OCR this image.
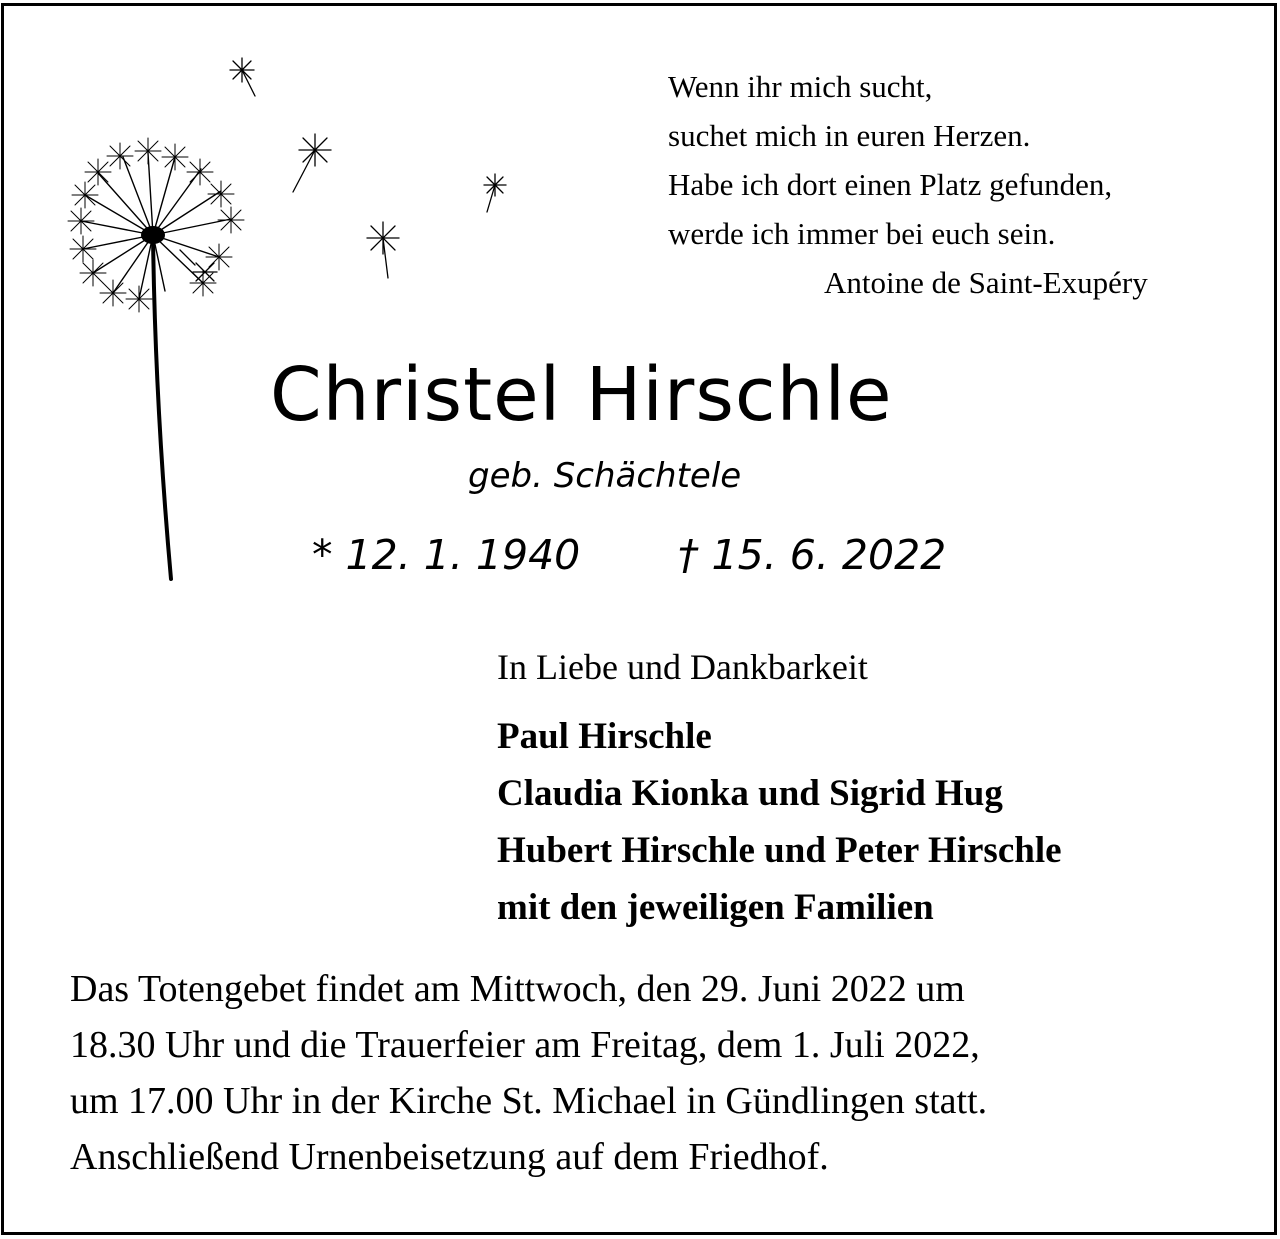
Wenn ihr mich sucht,
suchet mich in euren Herzen.
Habe ich dort einen Platz gefunden,
werde ich immer bei euch sein.
Antoine de Saint-Exupéry
Christel Hirschle
geb. Schächtele
* 12. 1. 1940 † 15. 6. 2022
In Liebe und Dankbarkeit
Paul Hirschle
Claudia Kionka und Sigrid Hug
Hubert Hirschle und Peter Hirschle
mit den jeweiligen Familien
Das Totengebet findet am Mittwoch, den 29. Juni 2022 um
18.30 Uhr und die Trauerfeier am Freitag, dem 1. Juli 2022,
um 17.00 Uhr in der Kirche St. Michael in Gündlingen statt.
Anschließend Urnenbeisetzung auf dem Friedhof.
